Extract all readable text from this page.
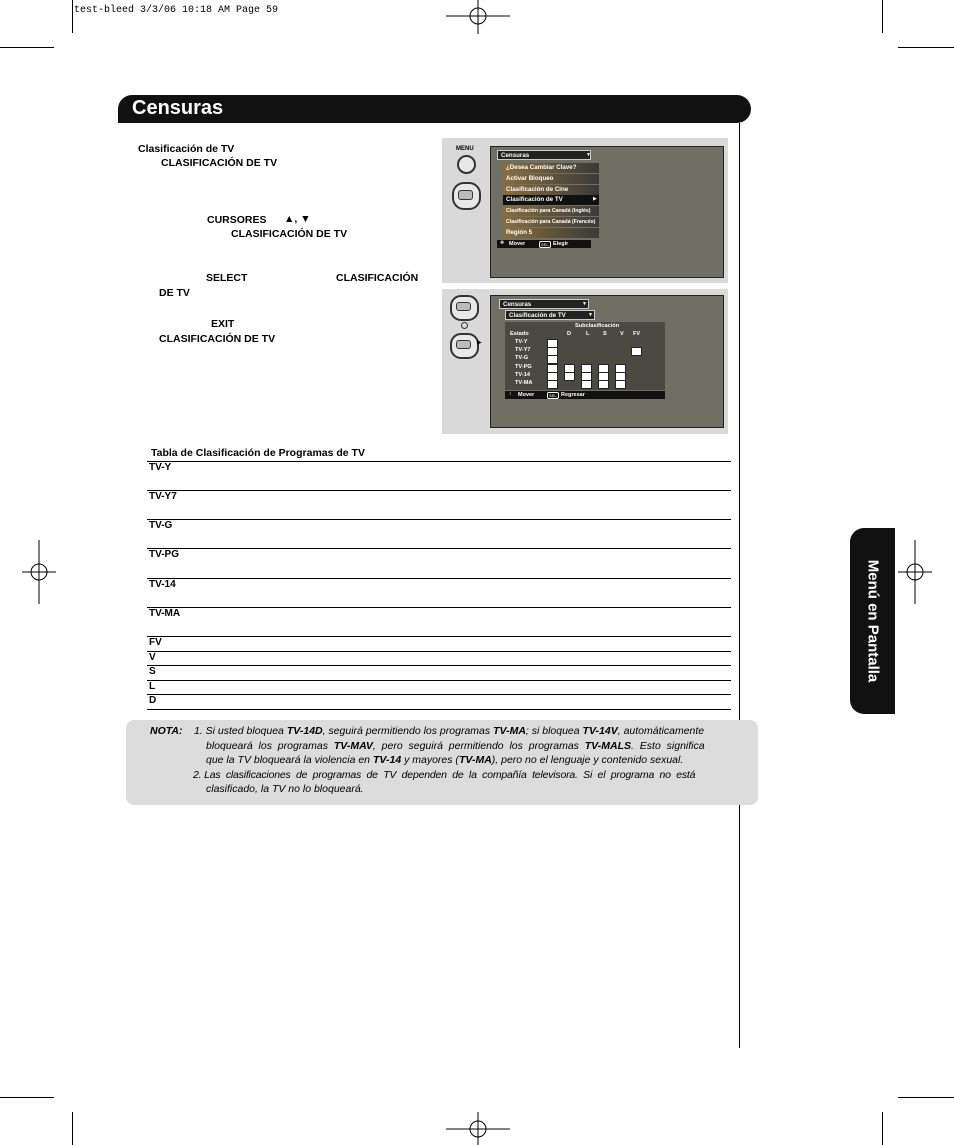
test-bleed 3/3/06 10:18 AM Page 59
Censuras
Menú en Pantalla
Clasificación de TV
CLASIFICACIÓN DE TV
CURSORES ▲, ▼
CLASIFICACIÓN DE TV
SELECT	CLASIFICACIÓN
DE TV
EXIT
CLASIFICACIÓN DE TV
MENU
Censuras	▼
¿Desea Cambiar Clave?
Activar Bloqueo
Clasificación de Cine
Clasificación de TV	▶
Clasificación para Canadá (Inglés)
Clasificación para Canadá (Francés)
Región 5
✥ Mover	SEL Elegir
▶
Censuras	▼
Clasificación de TV	▼
Subclasificación
Estado	D	L S V FV
TV-Y
TV-Y7
TV-G
TV-PG
TV-14
TV-MA
↕ Mover	SEL Regresar
Tabla de Clasificación de Programas de TV
TV-Y
TV-Y7
TV-G
TV-PG
TV-14
TV-MA
FV
V
S
L
D
NOTA: 1. Si usted bloquea TV-14D, seguirá permitiendo los programas TV-MA; si bloquea TV-14V, automáticamente
bloqueará  los  programas  TV-MAV,  pero  seguirá  permitiendo  los  programas  TV-MALS.  Esto  significa
que la TV bloqueará la violencia en TV-14 y mayores (TV-MA), pero no el lenguaje y contenido sexual.
2. Las  clasificaciones  de  programas  de  TV  dependen  de  la  compañía  televisora.  Si  el  programa  no  está
clasificado, la TV no lo bloqueará.
